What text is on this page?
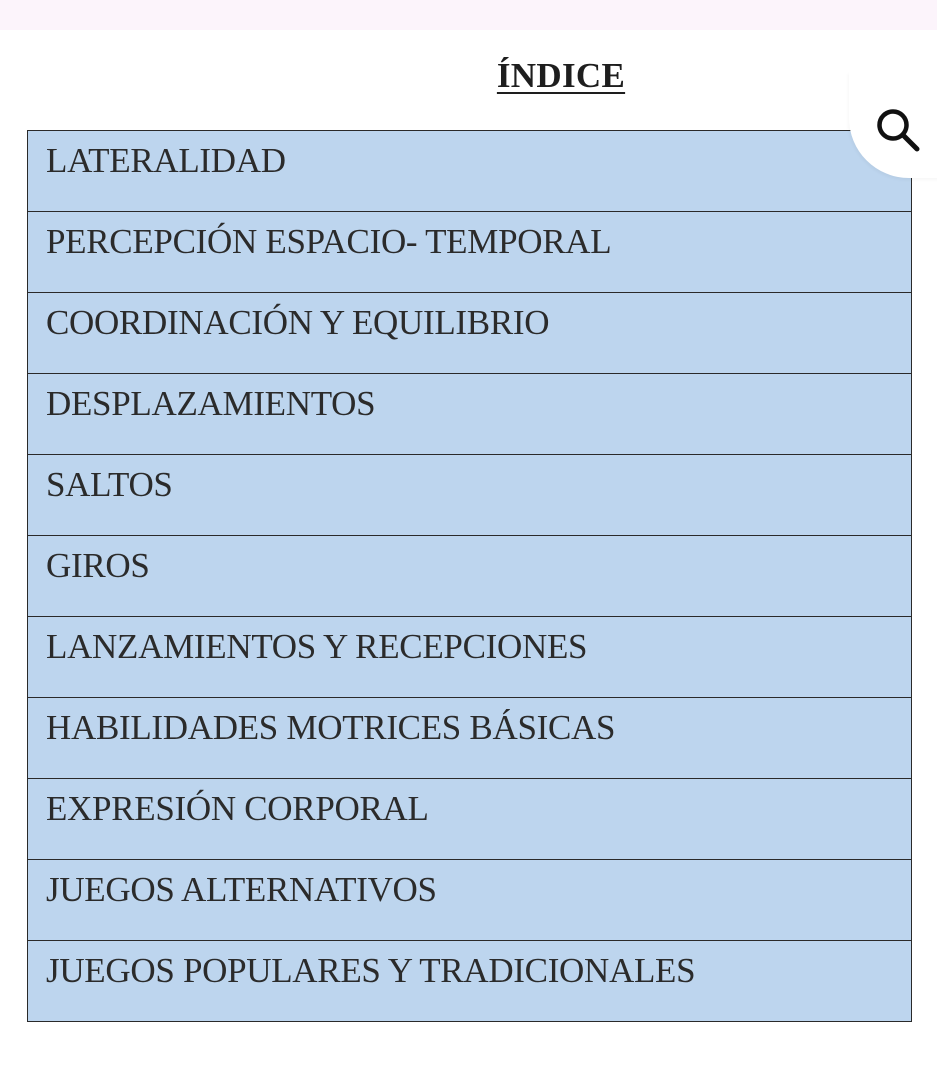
ÍNDICE
LATERALIDAD

PERCEPCIÓN ESPACIO- TEMPORAL

COORDINACIÓN Y EQUILIBRIO

DESPLAZAMIENTOS

SALTOS

GIROS

LANZAMIENTOS Y RECEPCIONES

HABILIDADES MOTRICES BÁSICAS

EXPRESIÓN CORPORAL

JUEGOS ALTERNATIVOS

JUEGOS POPULARES Y TRADICIONALES
